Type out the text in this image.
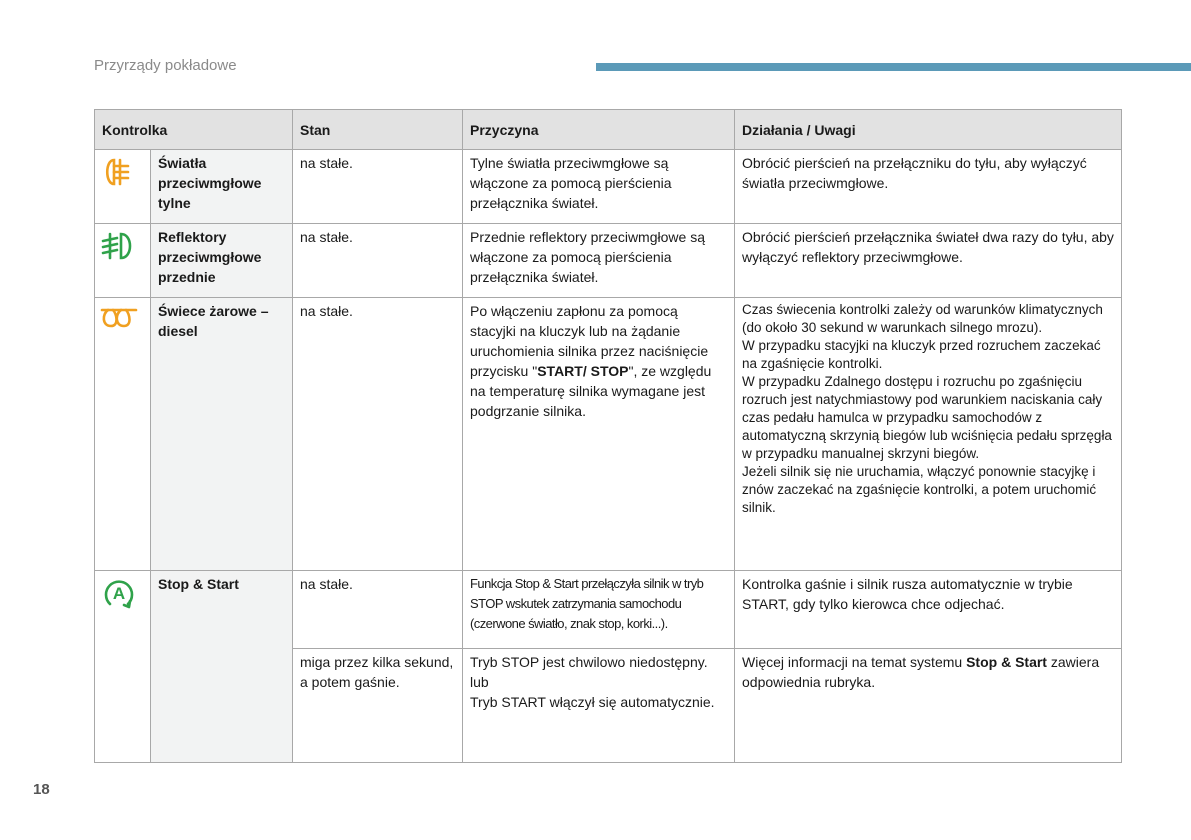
Przyrządy pokładowe
Kontrolka		Stan	Przyczyna	Działania / Uwagi

	Światła przeciwmgłowe tylne	na stałe.	Tylne światła przeciwmgłowe są włączone za pomocą pierścienia przełącznika świateł.	Obrócić pierścień na przełączniku do tyłu, aby wyłączyć światła przeciwmgłowe.

	Reflektory przeciwmgłowe przednie	na stałe.	Przednie reflektory przeciwmgłowe są włączone za pomocą pierścienia przełącznika świateł.	Obrócić pierścień przełącznika świateł dwa razy do tyłu, aby wyłączyć reflektory przeciwmgłowe.

	Świece żarowe – diesel	na stałe.	Po włączeniu zapłonu za pomocą stacyjki na kluczyk lub na żądanie uruchomienia silnika przez naciśnięcie przycisku "START/ STOP", ze względu na temperaturę silnika wymagane jest podgrzanie silnika.	Czas świecenia kontrolki zależy od warunków klimatycznych (do około 30 sekund w warunkach silnego mrozu).
W przypadku stacyjki na kluczyk przed rozruchem zaczekać na zgaśnięcie kontrolki.
W przypadku Zdalnego dostępu i rozruchu po zgaśnięciu rozruch jest natychmiastowy pod warunkiem naciskania cały czas pedału hamulca w przypadku samochodów z automatyczną skrzynią biegów lub wciśnięcia pedału sprzęgła w przypadku manualnej skrzyni biegów.
Jeżeli silnik się nie uruchamia, włączyć ponownie stacyjkę i znów zaczekać na zgaśnięcie kontrolki, a potem uruchomić silnik.

A	Stop & Start	na stałe.	Funkcja Stop & Start przełączyła silnik w tryb STOP wskutek zatrzymania samochodu (czerwone światło, znak stop, korki...).	Kontrolka gaśnie i silnik rusza automatycznie w trybie START, gdy tylko kierowca chce odjechać.
		miga przez kilka sekund, a potem gaśnie.	Tryb STOP jest chwilowo niedostępny.
lub
Tryb START włączył się automatycznie.	Więcej informacji na temat systemu Stop & Start zawiera odpowiednia rubryka.
18
